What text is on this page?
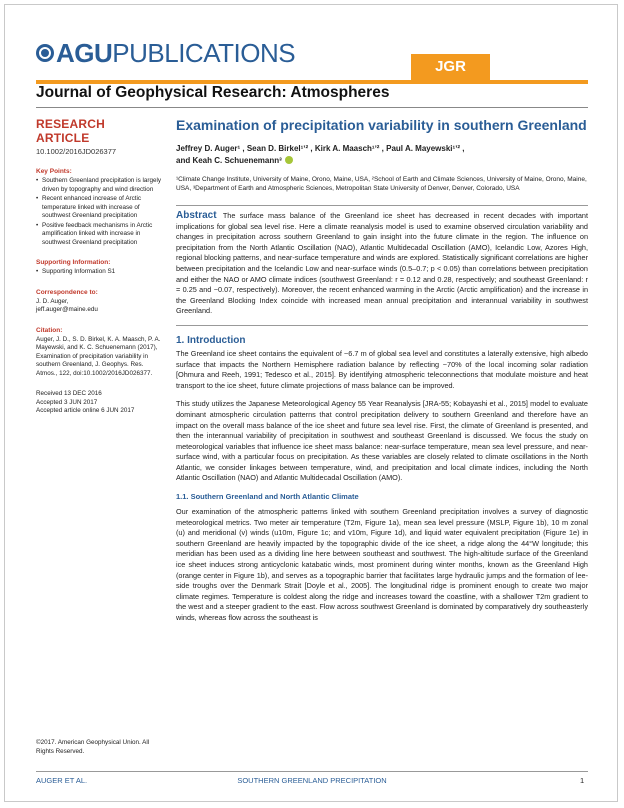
AGU PUBLICATIONS	JGR
Journal of Geophysical Research: Atmospheres
RESEARCH ARTICLE
10.1002/2016JD026377
Key Points:
• Southern Greenland precipitation is largely driven by topography and wind direction
• Recent enhanced increase of Arctic temperature linked with increase of southwest Greenland precipitation
• Positive feedback mechanisms in Arctic amplification linked with increase in southwest Greenland precipitation
Supporting Information:
• Supporting Information S1
Correspondence to:
J. D. Auger,
jeff.auger@maine.edu
Citation:
Auger, J. D., S. D. Birkel, K. A. Maasch, P. A. Mayewski, and K. C. Schuenemann (2017), Examination of precipitation variability in southern Greenland, J. Geophys. Res. Atmos., 122, doi:10.1002/2016JD026377.
Received 13 DEC 2016
Accepted 3 JUN 2017
Accepted article online 6 JUN 2017
©2017. American Geophysical Union. All Rights Reserved.
Examination of precipitation variability in southern Greenland
Jeffrey D. Auger¹ , Sean D. Birkel¹ʼ² , Kirk A. Maasch¹ʼ² , Paul A. Mayewski¹ʼ² ,
and Keah C. Schuenemann³
¹Climate Change Institute, University of Maine, Orono, Maine, USA, ²School of Earth and Climate Sciences, University of Maine, Orono, Maine, USA, ³Department of Earth and Atmospheric Sciences, Metropolitan State University of Denver, Denver, Colorado, USA
Abstract The surface mass balance of the Greenland ice sheet has decreased in recent decades with important implications for global sea level rise. Here a climate reanalysis model is used to examine observed circulation variability and changes in precipitation across southern Greenland to gain insight into the future climate in the region. The influence on precipitation from the North Atlantic Oscillation (NAO), Atlantic Multidecadal Oscillation (AMO), Icelandic Low, Azores High, regional blocking patterns, and near-surface temperature and winds are explored. Statistically significant correlations are higher between precipitation and the Icelandic Low and near-surface winds (0.5–0.7; p < 0.05) than correlations between precipitation and either the NAO or AMO climate indices (southwest Greenland: r = 0.12 and 0.28, respectively; and southeast Greenland: r = 0.25 and −0.07, respectively). Moreover, the recent enhanced warming in the Arctic (Arctic amplification) and the increase in the Greenland Blocking Index coincide with increased mean annual precipitation and interannual variability in southwest Greenland.
1. Introduction

The Greenland ice sheet contains the equivalent of ~6.7 m of global sea level and constitutes a laterally extensive, high albedo surface that impacts the Northern Hemisphere radiation balance by reflecting ~70% of the local incoming solar radiation [Ohmura and Reeh, 1991; Tedesco et al., 2015]. By identifying atmospheric teleconnections that modulate moisture and heat transport to the ice sheet, future climate projections of mass balance can be improved.

This study utilizes the Japanese Meteorological Agency 55 Year Reanalysis [JRA-55; Kobayashi et al., 2015] model to evaluate dominant atmospheric circulation patterns that control precipitation delivery to southern Greenland and therefore have an impact on the overall mass balance of the ice sheet and future sea level rise. First, the climate of Greenland is presented, and then the interannual variability of precipitation in southwest and southeast Greenland is discussed. We focus the study on meteorological variables that influence ice sheet mass balance: near-surface temperature, mean sea level pressure, and near-surface wind, with a particular focus on precipitation. As these variables are closely related to climate oscillations in the North Atlantic, we consider linkages between temperature, wind, and precipitation and local climate indices, including the North Atlantic Oscillation (NAO) and Atlantic Multidecadal Oscillation (AMO).

1.1. Southern Greenland and North Atlantic Climate

Our examination of the atmospheric patterns linked with southern Greenland precipitation involves a survey of diagnostic meteorological metrics. Two meter air temperature (T2m, Figure 1a), mean sea level pressure (MSLP, Figure 1b), 10 m zonal (u) and meridional (v) winds (u10m, Figure 1c; and v10m, Figure 1d), and liquid water equivalent precipitation (Figure 1e) in southern Greenland are heavily impacted by the topographic divide of the ice sheet, a ridge along the 44°W longitude; this meridian has been used as a dividing line here between southeast and southwest. The high-altitude surface of the Greenland ice sheet induces strong anticyclonic katabatic winds, most prominent during winter months, known as the Greenland High (orange center in Figure 1b), and serves as a topographic barrier that facilitates large hydraulic jumps and the formation of lee-side troughs over the Denmark Strait [Doyle et al., 2005]. The longitudinal ridge is prominent enough to create two major climate regimes. Temperature is coldest along the ridge and increases toward the coastline, with a shallower T2m gradient to the west and a steeper gradient to the east. Flow across southwest Greenland is dominated by comparatively dry southeasterly winds, whereas flow across the southeast is

AUGER ET AL.	SOUTHERN GREENLAND PRECIPITATION	1
